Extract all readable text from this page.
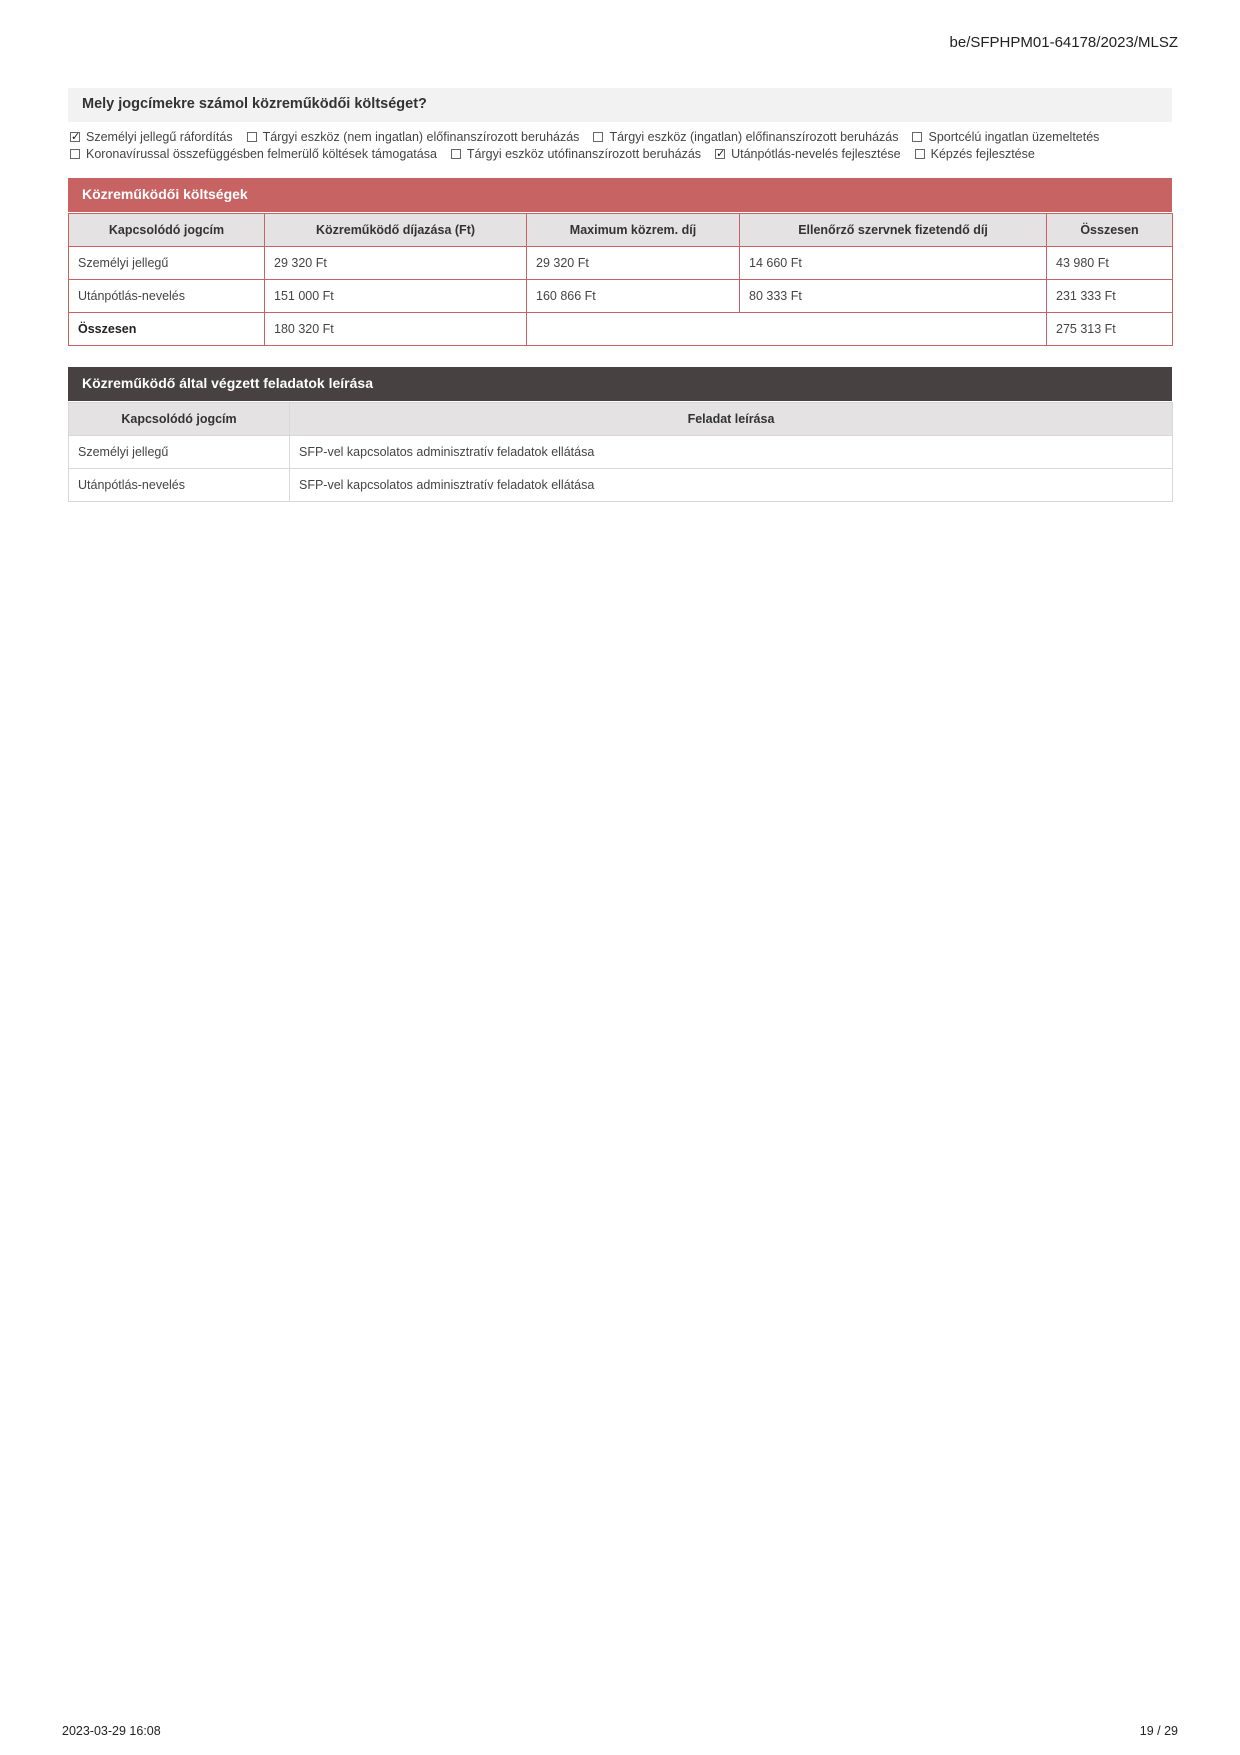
be/SFPHPM01-64178/2023/MLSZ
Mely jogcímekre számol közreműködői költséget?
✓ Személyi jellegű ráfordítás Tárgyi eszköz (nem ingatlan) előfinanszírozott beruházás Tárgyi eszköz (ingatlan) előfinanszírozott beruházás Sportcélú ingatlan üzemeltetés
Koronavírussal összefüggésben felmerülő költések támogatása Tárgyi eszköz utófinanszírozott beruházás ✓ Utánpótlás-nevelés fejlesztése Képzés fejlesztése
Közreműködői költségek
Kapcsolódó jogcím	Közreműködő díjazása (Ft)	Maximum közrem. díj	Ellenőrző szervnek fizetendő díj	Összesen
Személyi jellegű	29 320 Ft	29 320 Ft	14 660 Ft	43 980 Ft
Utánpótlás-nevelés	151 000 Ft	160 866 Ft	80 333 Ft	231 333 Ft
Összesen	180 320 Ft			275 313 Ft
Közreműködő által végzett feladatok leírása
Kapcsolódó jogcím	Feladat leírása
Személyi jellegű	SFP-vel kapcsolatos adminisztratív feladatok ellátása
Utánpótlás-nevelés	SFP-vel kapcsolatos adminisztratív feladatok ellátása
2023-03-29 16:08	19 / 29
